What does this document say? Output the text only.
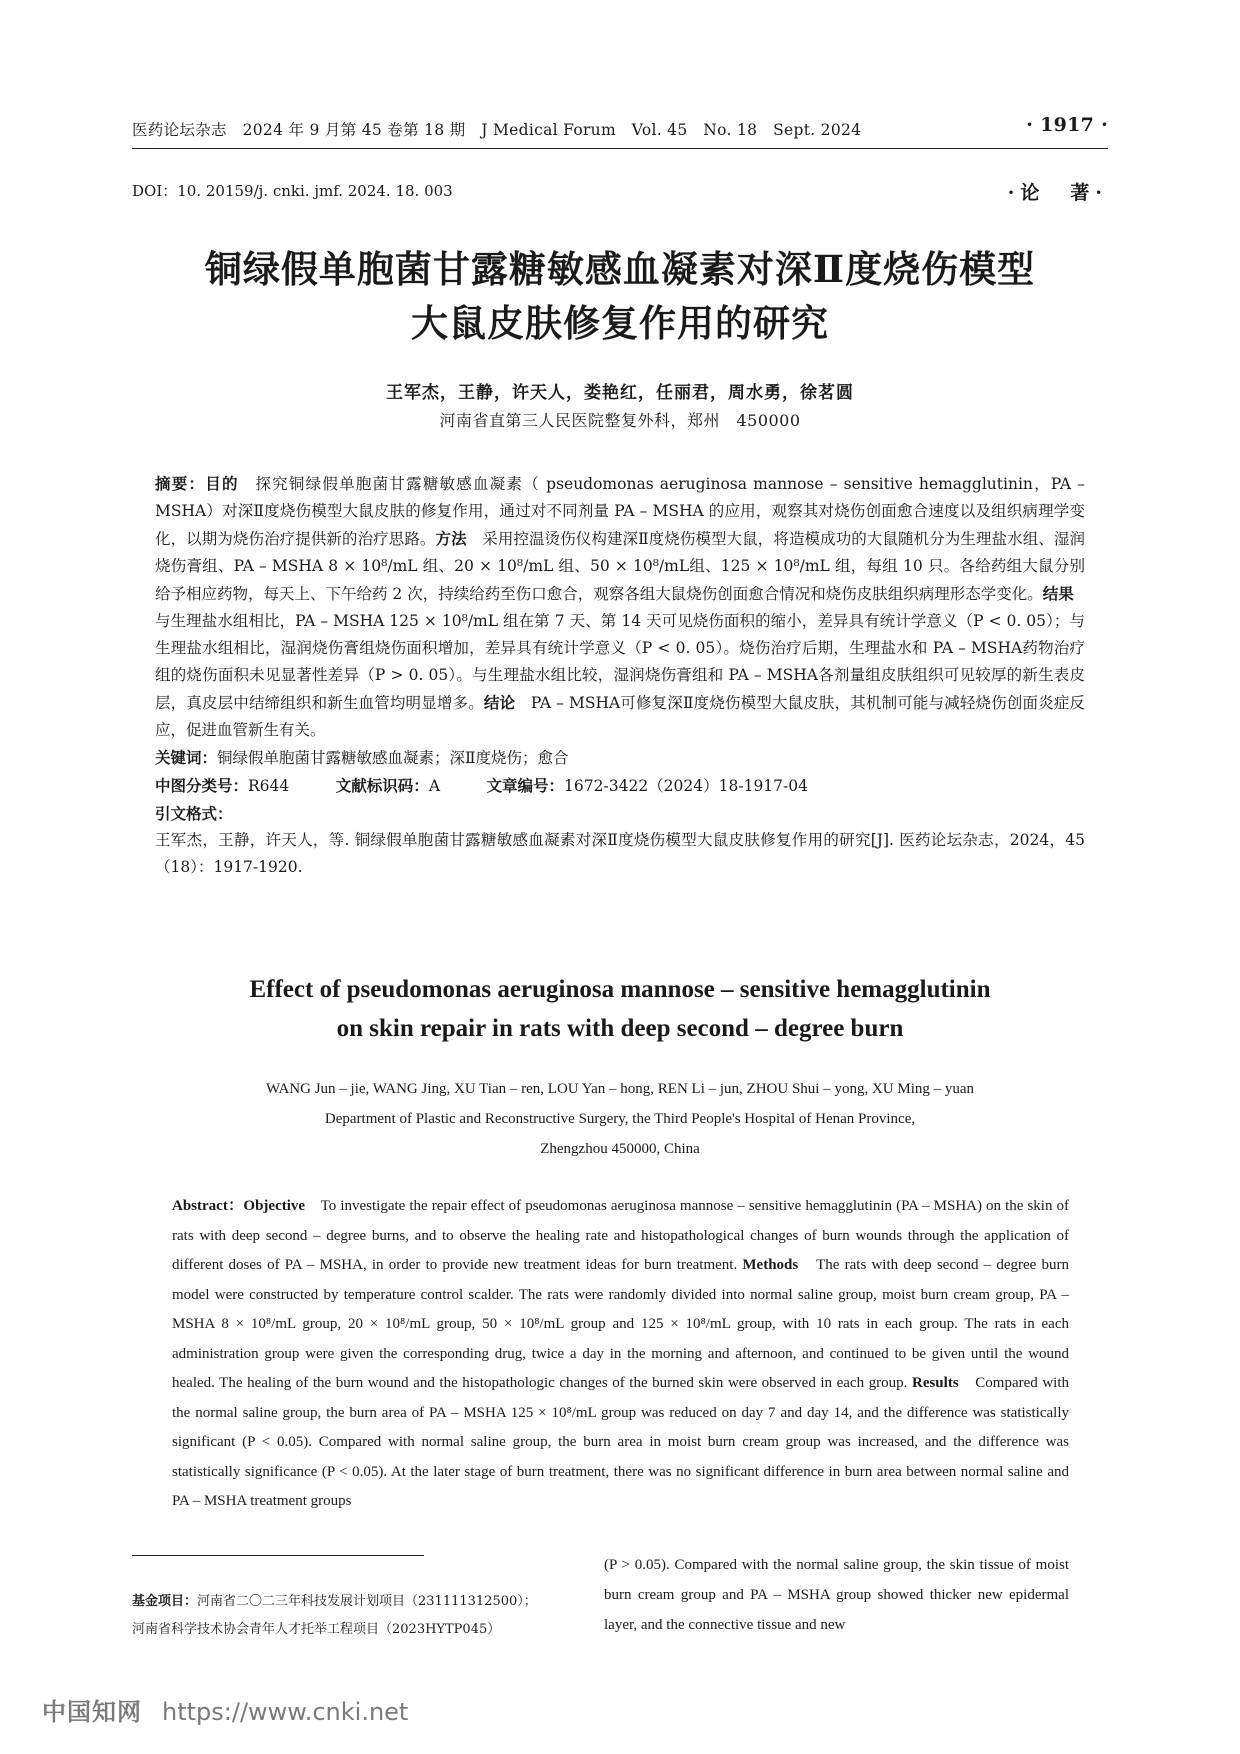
医药论坛杂志　2024 年 9 月第 45 卷第 18 期　J Medical Forum　Vol. 45　No. 18　Sept. 2024	· 1917 ·
DOI：10. 20159/j. cnki. jmf. 2024. 18. 003	·论　著·
铜绿假单胞菌甘露糖敏感血凝素对深Ⅱ度烧伤模型
大鼠皮肤修复作用的研究
王军杰，王静，许天人，娄艳红，任丽君，周水勇，徐茗圆
河南省直第三人民医院整复外科，郑州　450000

摘要：目的　探究铜绿假单胞菌甘露糖敏感血凝素（ pseudomonas aeruginosa mannose – sensitive hemagglutinin，PA – MSHA）对深Ⅱ度烧伤模型大鼠皮肤的修复作用，通过对不同剂量 PA – MSHA 的应用，观察其对烧伤创面愈合速度以及组织病理学变化，以期为烧伤治疗提供新的治疗思路。方法　采用控温烫伤仪构建深Ⅱ度烧伤模型大鼠，将造模成功的大鼠随机分为生理盐水组、湿润烧伤膏组、PA – MSHA 8 × 10⁸/mL 组、20 × 10⁸/mL 组、50 × 10⁸/mL组、125 × 10⁸/mL 组，每组 10 只。各给药组大鼠分别给予相应药物，每天上、下午给药 2 次，持续给药至伤口愈合，观察各组大鼠烧伤创面愈合情况和烧伤皮肤组织病理形态学变化。结果　与生理盐水组相比，PA – MSHA 125 × 10⁸/mL 组在第 7 天、第 14 天可见烧伤面积的缩小，差异具有统计学意义（P < 0. 05）；与生理盐水组相比，湿润烧伤膏组烧伤面积增加，差异具有统计学意义（P < 0. 05）。烧伤治疗后期，生理盐水和 PA – MSHA药物治疗组的烧伤面积未见显著性差异（P > 0. 05）。与生理盐水组比较，湿润烧伤膏组和 PA – MSHA各剂量组皮肤组织可见较厚的新生表皮层，真皮层中结缔组织和新生血管均明显增多。结论　PA – MSHA可修复深Ⅱ度烧伤模型大鼠皮肤，其机制可能与减轻烧伤创面炎症反应，促进血管新生有关。

关键词：铜绿假单胞菌甘露糖敏感血凝素；深Ⅱ度烧伤；愈合

中图分类号：R644　　　	文献标识码：A　　　	文章编号：1672-3422（2024）18-1917-04

引文格式：

王军杰，王静，许天人，等. 铜绿假单胞菌甘露糖敏感血凝素对深Ⅱ度烧伤模型大鼠皮肤修复作用的研究[J]. 医药论坛杂志，2024，45（18）：1917-1920.

Effect of pseudomonas aeruginosa mannose – sensitive hemagglutinin
on skin repair in rats with deep second – degree burn
WANG Jun – jie, WANG Jing, XU Tian – ren, LOU Yan – hong, REN Li – jun, ZHOU Shui – yong, XU Ming – yuan
Department of Plastic and Reconstructive Surgery, the Third People's Hospital of Henan Province,
Zhengzhou 450000, China

Abstract：Objective　To investigate the repair effect of pseudomonas aeruginosa mannose – sensitive hemagglutinin (PA – MSHA) on the skin of rats with deep second – degree burns, and to observe the healing rate and histopathological changes of burn wounds through the application of different doses of PA – MSHA, in order to provide new treatment ideas for burn treatment. Methods　The rats with deep second – degree burn model were constructed by temperature control scalder. The rats were randomly divided into normal saline group, moist burn cream group, PA – MSHA 8 × 10⁸/mL group, 20 × 10⁸/mL group, 50 × 10⁸/mL group and 125 × 10⁸/mL group, with 10 rats in each group. The rats in each administration group were given the corresponding drug, twice a day in the morning and afternoon, and continued to be given until the wound healed. The healing of the burn wound and the histopathologic changes of the burned skin were observed in each group. Results　Compared with the normal saline group, the burn area of PA – MSHA 125 × 10⁸/mL group was reduced on day 7 and day 14, and the difference was statistically significant (P < 0.05). Compared with normal saline group, the burn area in moist burn cream group was increased, and the difference was statistically significance (P < 0.05). At the later stage of burn treatment, there was no significant difference in burn area between normal saline and PA – MSHA treatment groups

基金项目：河南省二〇二三年科技发展计划项目（231111312500）；

河南省科学技术协会青年人才托举工程项目（2023HYTP045）

(P > 0.05). Compared with the normal saline group, the skin tissue of moist burn cream group and PA – MSHA group showed thicker new epidermal layer, and the connective tissue and new

中国知网 https://www.cnki.net
